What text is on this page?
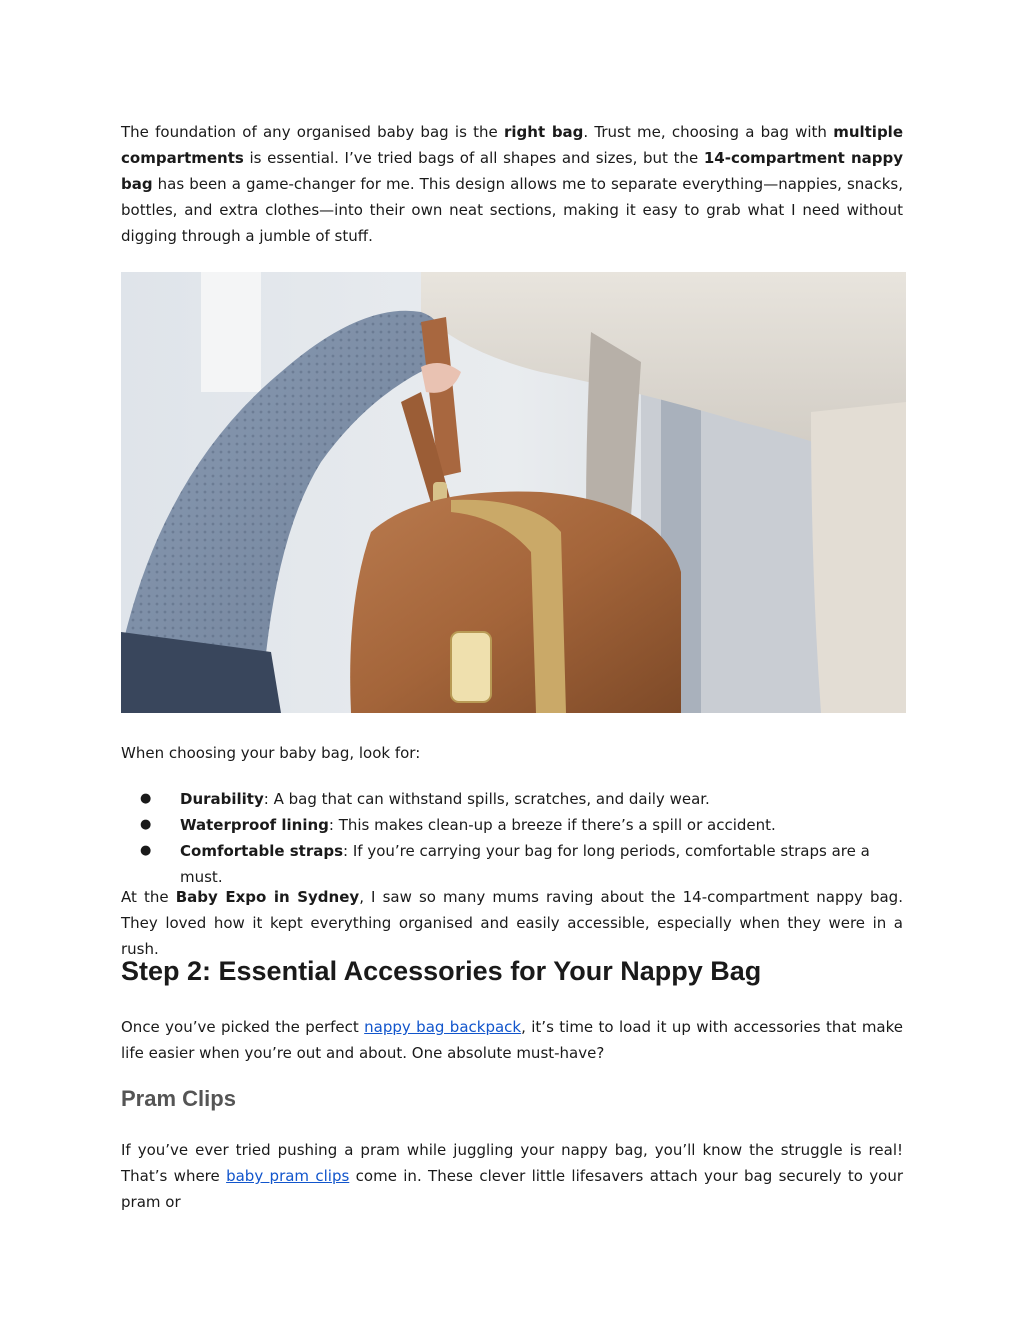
The foundation of any organised baby bag is the right bag. Trust me, choosing a bag with multiple compartments is essential. I’ve tried bags of all shapes and sizes, but the 14-compartment nappy bag has been a game-changer for me. This design allows me to separate everything—nappies, snacks, bottles, and extra clothes—into their own neat sections, making it easy to grab what I need without digging through a jumble of stuff.

When choosing your baby bag, look for:

● Durability: A bag that can withstand spills, scratches, and daily wear.
● Waterproof lining: This makes clean-up a breeze if there’s a spill or accident.
● Comfortable straps: If you’re carrying your bag for long periods, comfortable straps are a must.

At the Baby Expo in Sydney, I saw so many mums raving about the 14-compartment nappy bag. They loved how it kept everything organised and easily accessible, especially when they were in a rush.

Step 2: Essential Accessories for Your Nappy Bag

Once you’ve picked the perfect nappy bag backpack, it’s time to load it up with accessories that make life easier when you’re out and about. One absolute must-have?

Pram Clips

If you’ve ever tried pushing a pram while juggling your nappy bag, you’ll know the struggle is real! That’s where baby pram clips come in. These clever little lifesavers attach your bag securely to your pram or
